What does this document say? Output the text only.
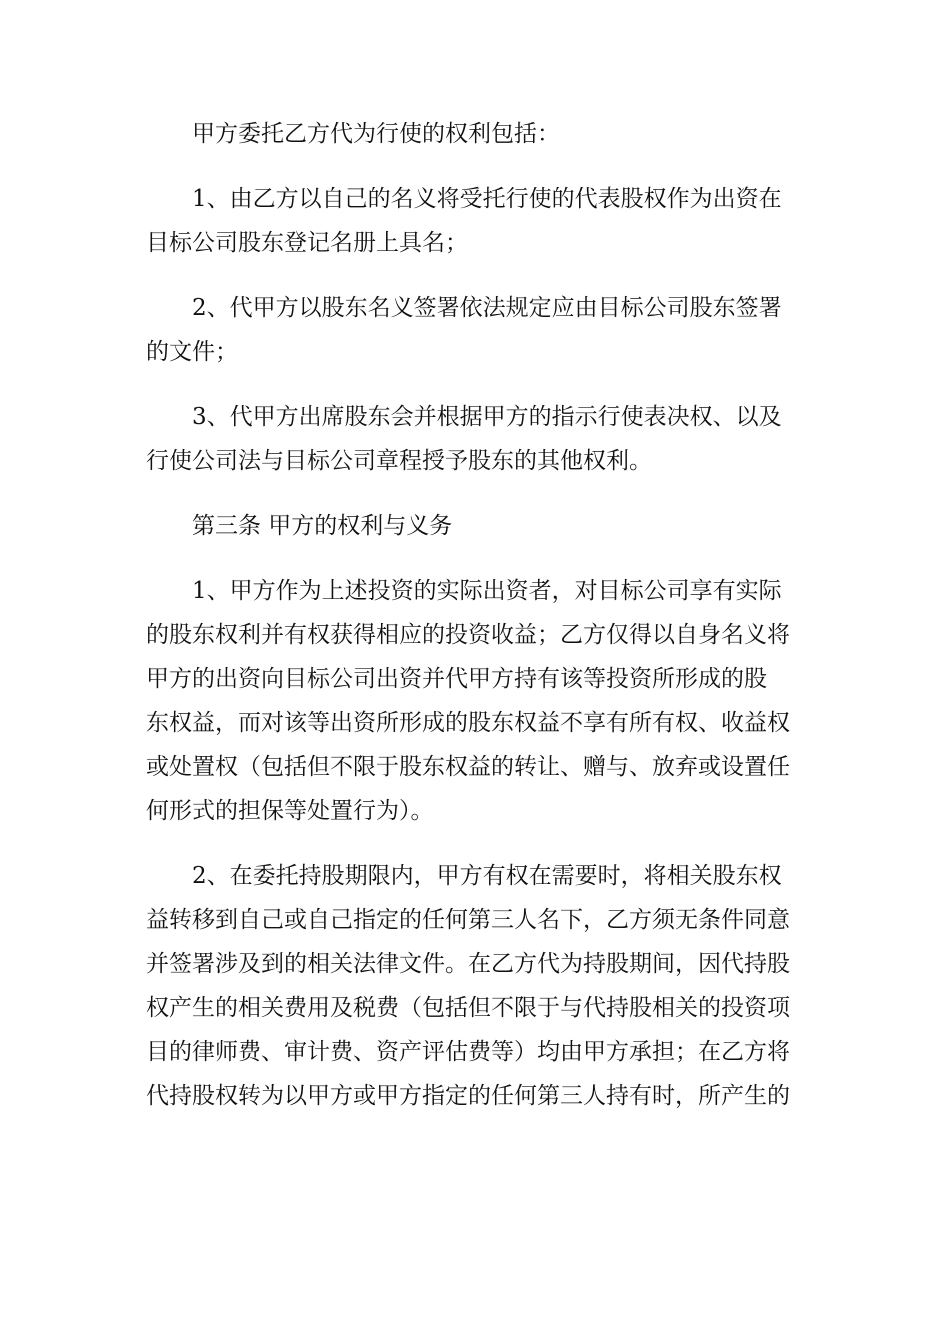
甲方委托乙方代为行使的权利包括：

1、由乙方以自己的名义将受托行使的代表股权作为出资在
目标公司股东登记名册上具名；

2、代甲方以股东名义签署依法规定应由目标公司股东签署
的文件；

3、代甲方出席股东会并根据甲方的指示行使表决权、以及
行使公司法与目标公司章程授予股东的其他权利。

第三条 甲方的权利与义务

1、甲方作为上述投资的实际出资者，对目标公司享有实际
的股东权利并有权获得相应的投资收益；乙方仅得以自身名义将
甲方的出资向目标公司出资并代甲方持有该等投资所形成的股
东权益，而对该等出资所形成的股东权益不享有所有权、收益权
或处置权（包括但不限于股东权益的转让、赠与、放弃或设置任
何形式的担保等处置行为）。

2、在委托持股期限内，甲方有权在需要时，将相关股东权
益转移到自己或自己指定的任何第三人名下，乙方须无条件同意
并签署涉及到的相关法律文件。在乙方代为持股期间，因代持股
权产生的相关费用及税费（包括但不限于与代持股相关的投资项
目的律师费、审计费、资产评估费等）均由甲方承担；在乙方将
代持股权转为以甲方或甲方指定的任何第三人持有时，所产生的
